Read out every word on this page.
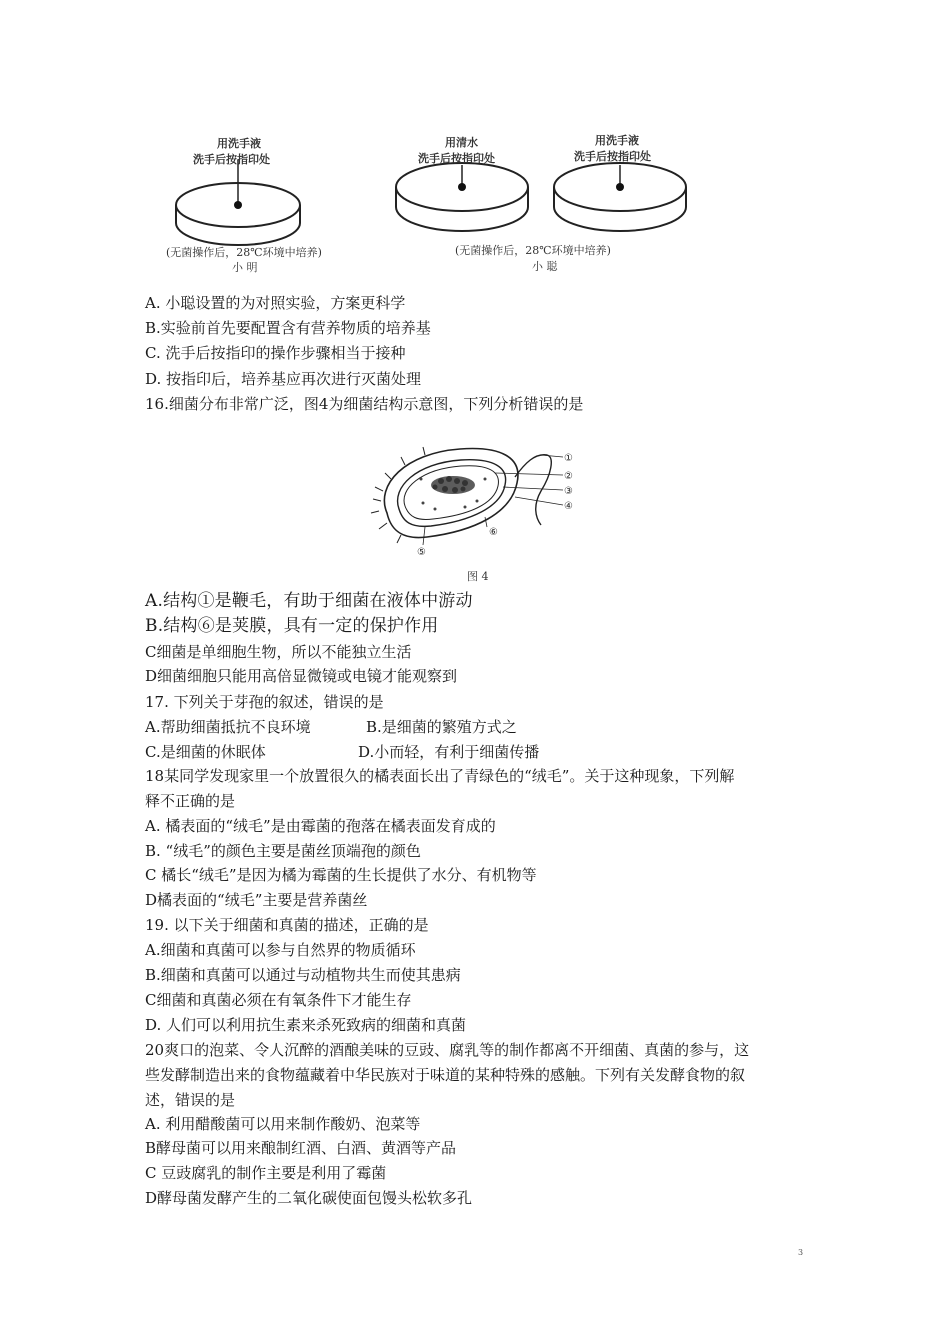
用洗手液
洗手后按指印处
用清水
洗手后按指印处
用洗手液
洗手后按指印处
(无菌操作后，28℃环境中培养)
小 明
(无菌操作后，28℃环境中培养)
小 聪
A. 小聪设置的为对照实验，方案更科学
B.实验前首先要配置含有营养物质的培养基
C. 洗手后按指印的操作步骤相当于接种
D. 按指印后，培养基应再次进行灭菌处理
16.细菌分布非常广泛，图4为细菌结构示意图，下列分析错误的是
①
②
③
④
⑥
⑤
图 4
A.结构①是鞭毛，有助于细菌在液体中游动
B.结构⑥是荚膜，具有一定的保护作用
C细菌是单细胞生物，所以不能独立生活
D细菌细胞只能用高倍显微镜或电镜才能观察到
17. 下列关于芽孢的叙述，错误的是
A.帮助细菌抵抗不良环境	B.是细菌的繁殖方式之
C.是细菌的休眠体	D.小而轻，有利于细菌传播
18某同学发现家里一个放置很久的橘表面长出了青绿色的“绒毛”。关于这种现象，下列解
释不正确的是
A. 橘表面的“绒毛”是由霉菌的孢落在橘表面发育成的
B. “绒毛”的颜色主要是菌丝顶端孢的颜色
C 橘长“绒毛”是因为橘为霉菌的生长提供了水分、有机物等
D橘表面的“绒毛”主要是营养菌丝
19. 以下关于细菌和真菌的描述，正确的是
A.细菌和真菌可以参与自然界的物质循环
B.细菌和真菌可以通过与动植物共生而使其患病
C细菌和真菌必须在有氧条件下才能生存
D. 人们可以利用抗生素来杀死致病的细菌和真菌
20爽口的泡菜、令人沉醉的酒酿美味的豆豉、腐乳等的制作都离不开细菌、真菌的参与，这
些发酵制造出来的食物蕴藏着中华民族对于味道的某种特殊的感触。下列有关发酵食物的叙
述，错误的是
A. 利用醋酸菌可以用来制作酸奶、泡菜等
B酵母菌可以用来酿制红酒、白酒、黄酒等产品
C 豆豉腐乳的制作主要是利用了霉菌
D酵母菌发酵产生的二氧化碳使面包馒头松软多孔
3
